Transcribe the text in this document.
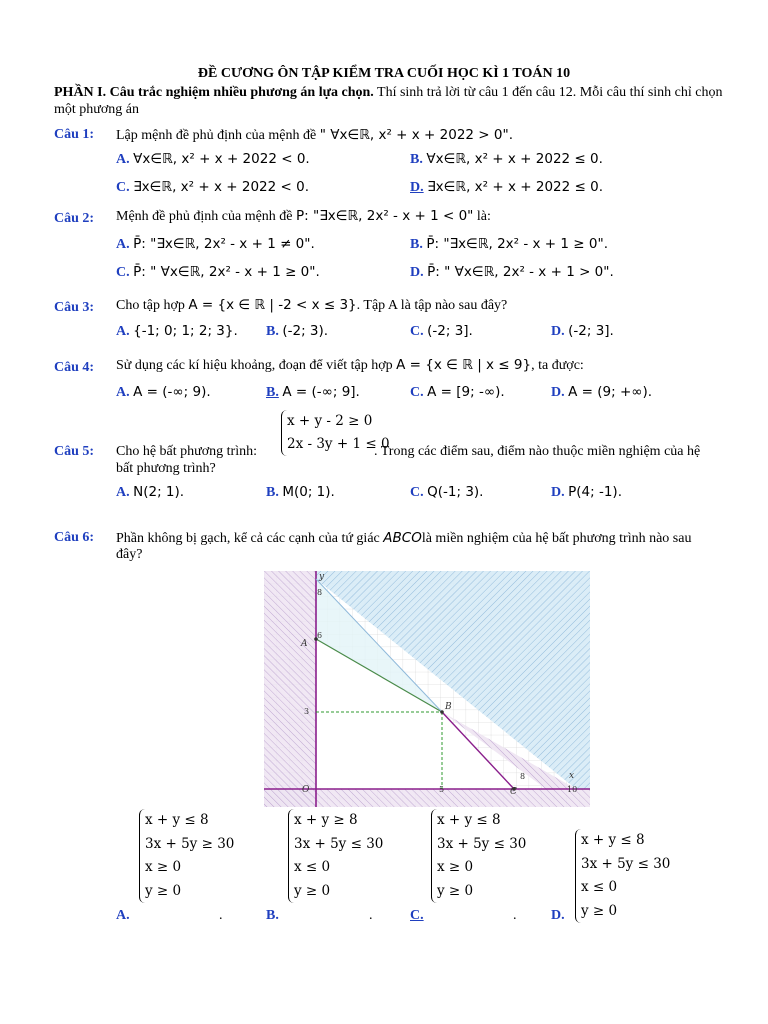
ĐỀ CƯƠNG ÔN TẬP KIỂM TRA CUỐI HỌC KÌ 1 TOÁN 10
PHẦN I. Câu trắc nghiệm nhiều phương án lựa chọn. Thí sinh trả lời từ câu 1 đến câu 12. Mỗi câu thí sinh chỉ chọn một phương án
Câu 1: Lập mệnh đề phủ định của mệnh đề " ∀x∈ℝ, x² + x + 2022 > 0".
A. ∀x∈ℝ, x² + x + 2022 < 0.	B. ∀x∈ℝ, x² + x + 2022 ≤ 0.
C. ∃x∈ℝ, x² + x + 2022 < 0.	D. ∃x∈ℝ, x² + x + 2022 ≤ 0.
Câu 2: Mệnh đề phủ định của mệnh đề P: "∃x∈ℝ, 2x² - x + 1 < 0" là:
A. P̄: "∃x∈ℝ, 2x² - x + 1 ≠ 0".	B. P̄: "∃x∈ℝ, 2x² - x + 1 ≥ 0".
C. P̄: " ∀x∈ℝ, 2x² - x + 1 ≥ 0".	D. P̄: " ∀x∈ℝ, 2x² - x + 1 > 0".
Câu 3: Cho tập hợp A = {x ∈ ℝ | -2 < x ≤ 3}. Tập A là tập nào sau đây?
A. {-1; 0; 1; 2; 3}. B. (-2; 3).	C. (-2; 3].	D. (-2; 3].
Câu 4: Sử dụng các kí hiệu khoảng, đoạn để viết tập hợp A = {x ∈ ℝ | x ≤ 9}, ta được:
A. A = (-∞; 9).	B. A = (-∞; 9].	C. A = [9; -∞).	D. A = (9; +∞).
Câu 5: Cho hệ bất phương trình:
x + y - 2 ≥ 0
2x - 3y + 1 ≤ 0
. Trong các điểm sau, điểm nào thuộc miền nghiệm của hệ
bất phương trình?
A. N(2; 1).	B. M(0; 1).	C. Q(-1; 3).	D. P(4; -1).
Câu 6: Phần không bị gạch, kể cả các cạnh của tứ giác ABCOlà miền nghiệm của hệ bất phương trình nào sau
đây?
y
x
O
A
B
C
8
6
3
5
8
10
x + y ≤ 8
3x + 5y ≥ 30
x ≥ 0
y ≥ 0
x + y ≥ 8
3x + 5y ≤ 30
x ≤ 0
y ≥ 0
x + y ≤ 8
3x + 5y ≤ 30
x ≥ 0
y ≥ 0
x + y ≤ 8
3x + 5y ≤ 30
x ≤ 0
y ≥ 0
A.	.	B.	.	C.	. D.
